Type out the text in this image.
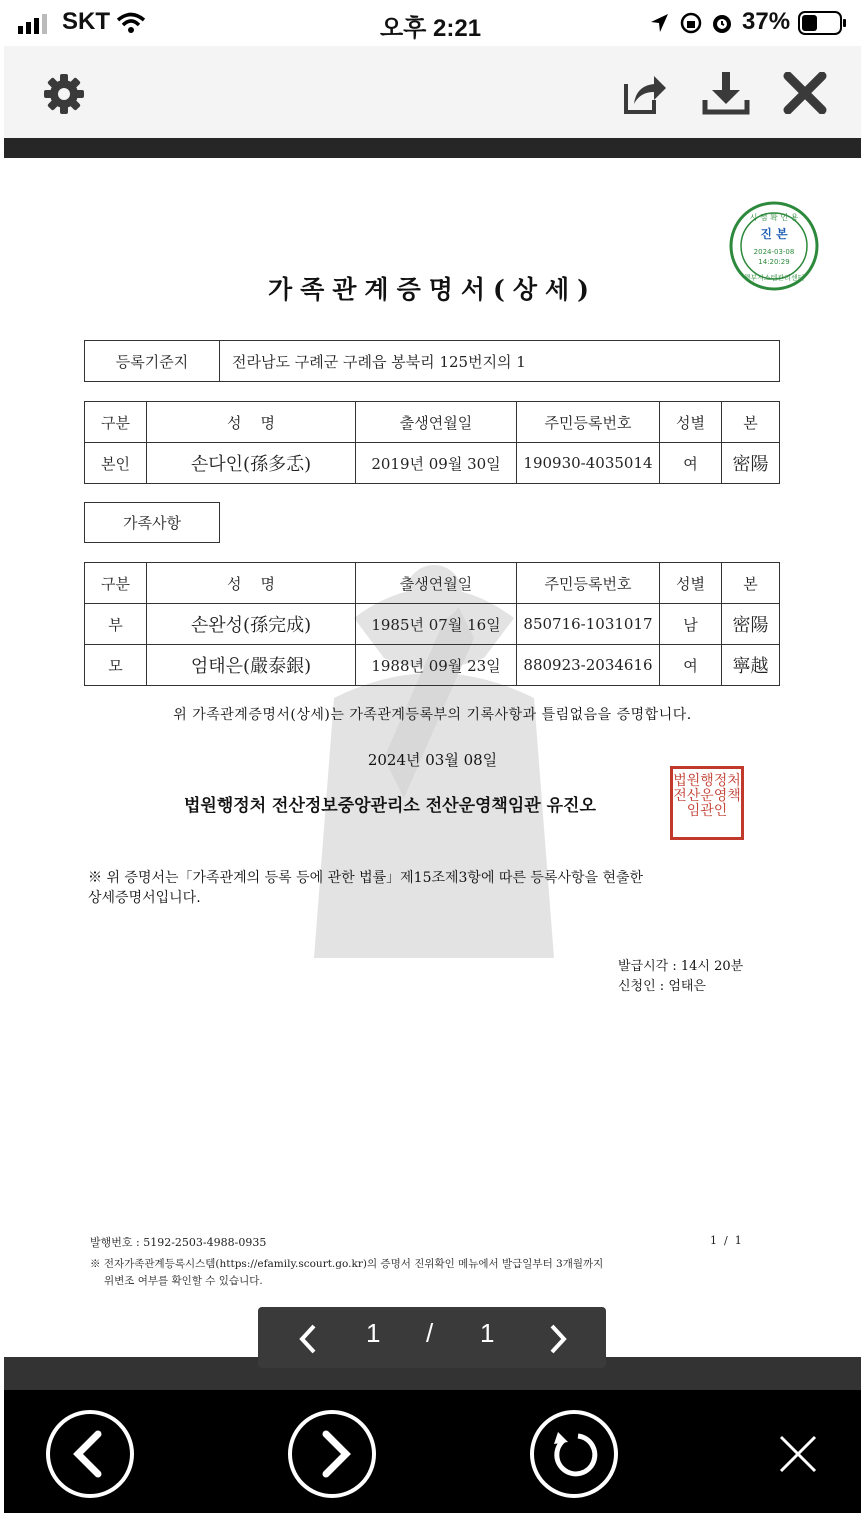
SKT	오후 2:21	37%
시 점 확 인 용
진 본
2024-03-08
14:20:29
행부시스템관리센터
가족관계증명서(상세)
등록기준지	전라남도 구례군 구례읍 봉북리 125번지의 1
구분	성    명	출생연월일	주민등록번호	성별	본
본인	손다인(孫多忎)	2019년 09월 30일	190930-4035014	여	密陽
가족사항
구분	성    명	출생연월일	주민등록번호	성별	본
부	손완성(孫完成)	1985년 07월 16일	850716-1031017	남	密陽
모	엄태은(嚴泰銀)	1988년 09월 23일	880923-2034616	여	寧越
위 가족관계증명서(상세)는 가족관계등록부의 기록사항과 틀림없음을 증명합니다.
2024년 03월 08일
법원행정처 전산정보중앙관리소 전산운영책임관 유진오
법원행정처전산운영책임관인
※ 위 증명서는「가족관계의 등록 등에 관한 법률」제15조제3항에 따른 등록사항을 현출한
상세증명서입니다.
발급시각 : 14시 20분
신청인 : 엄태은
발행번호 : 5192-2503-4988-0935	1  /  1
※ 전자가족관계등록시스템(https://efamily.scourt.go.kr)의 증명서 진위확인 메뉴에서 발급일부터 3개월까지
위변조 여부를 확인할 수 있습니다.
1 / 1
